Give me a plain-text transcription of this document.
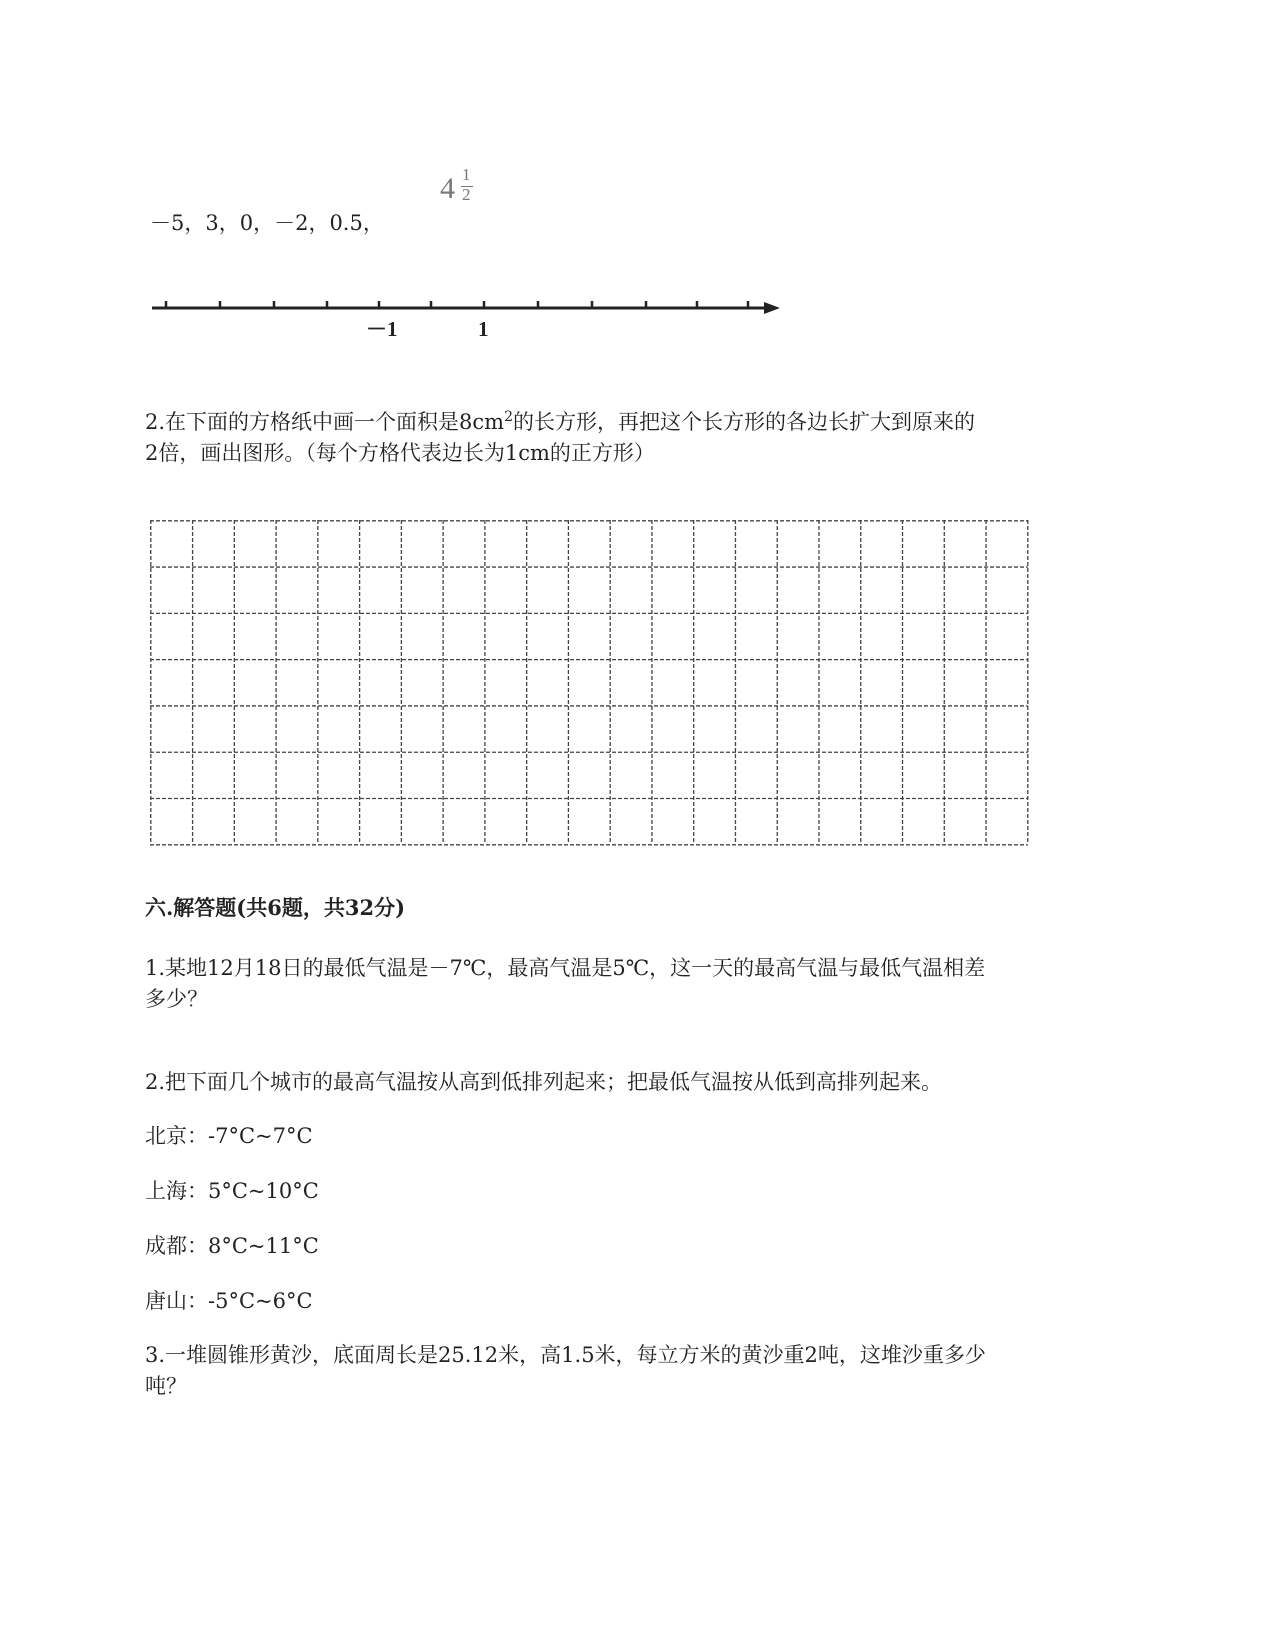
－5，3，0，－2，0.5，
4 1
2
－1	1
2.在下面的方格纸中画一个面积是$8cm^2$的长方形，再把这个长方形的各边长扩大到原来的
2倍，画出图形。（每个方格代表边长为1cm的正方形）
六.解答题(共6题，共32分)
1.某地12月18日的最低气温是－7℃，最高气温是5℃，这一天的最高气温与最低气温相差
多少？
2.把下面几个城市的最高气温按从高到低排列起来；把最低气温按从低到高排列起来。
北京：-7°C~7°C
上海：5°C~10°C
成都：8°C~11°C
唐山：-5°C~6°C
3.一堆圆锥形黄沙，底面周长是25.12米，高1.5米，每立方米的黄沙重2吨，这堆沙重多少
吨？
